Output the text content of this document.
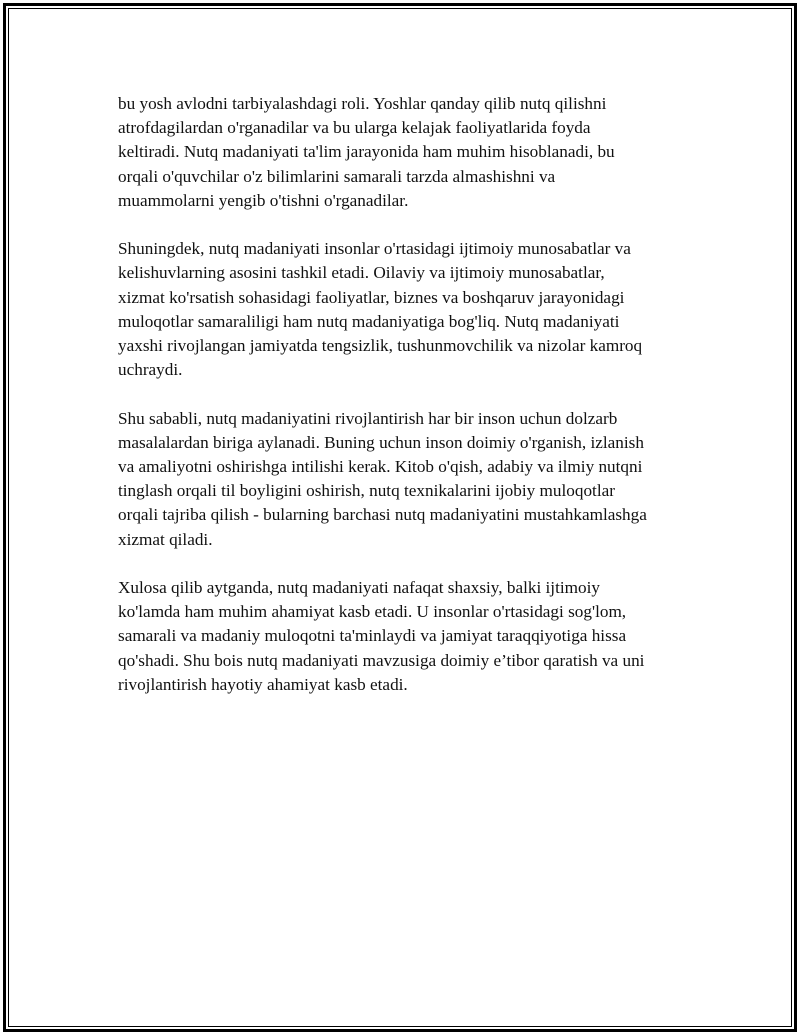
bu yosh avlodni tarbiyalashdagi roli. Yoshlar qanday qilib nutq qilishni
atrofdagilardan o'rganadilar va bu ularga kelajak faoliyatlarida foyda
keltiradi. Nutq madaniyati ta'lim jarayonida ham muhim hisoblanadi, bu
orqali o'quvchilar o'z bilimlarini samarali tarzda almashishni va
muammolarni yengib o'tishni o'rganadilar.

Shuningdek, nutq madaniyati insonlar o'rtasidagi ijtimoiy munosabatlar va
kelishuvlarning asosini tashkil etadi. Oilaviy va ijtimoiy munosabatlar,
xizmat ko'rsatish sohasidagi faoliyatlar, biznes va boshqaruv jarayonidagi
muloqotlar samaraliligi ham nutq madaniyatiga bog'liq. Nutq madaniyati
yaxshi rivojlangan jamiyatda tengsizlik, tushunmovchilik va nizolar kamroq
uchraydi.

Shu sababli, nutq madaniyatini rivojlantirish har bir inson uchun dolzarb
masalalardan biriga aylanadi. Buning uchun inson doimiy o'rganish, izlanish
va amaliyotni oshirishga intilishi kerak. Kitob o'qish, adabiy va ilmiy nutqni
tinglash orqali til boyligini oshirish, nutq texnikalarini ijobiy muloqotlar
orqali tajriba qilish - bularning barchasi nutq madaniyatini mustahkamlashga
xizmat qiladi.

Xulosa qilib aytganda, nutq madaniyati nafaqat shaxsiy, balki ijtimoiy
ko'lamda ham muhim ahamiyat kasb etadi. U insonlar o'rtasidagi sog'lom,
samarali va madaniy muloqotni ta'minlaydi va jamiyat taraqqiyotiga hissa
qo'shadi. Shu bois nutq madaniyati mavzusiga doimiy e’tibor qaratish va uni
rivojlantirish hayotiy ahamiyat kasb etadi.
